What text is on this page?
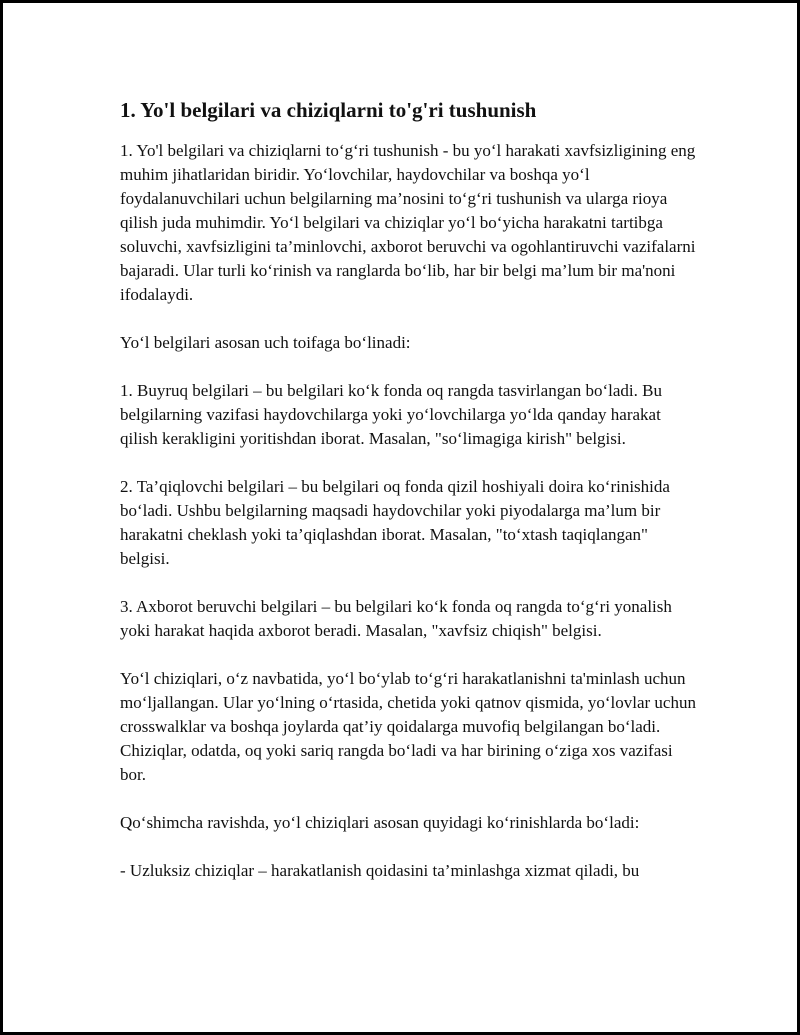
1. Yo'l belgilari va chiziqlarni to'g'ri tushunish

1. Yo'l belgilari va chiziqlarni to‘g‘ri tushunish - bu yo‘l harakati xavfsizligining eng muhim jihatlaridan biridir. Yo‘lovchilar, haydovchilar va boshqa yo‘l foydalanuvchilari uchun belgilarning ma’nosini to‘g‘ri tushunish va ularga rioya qilish juda muhimdir. Yo‘l belgilari va chiziqlar yo‘l bo‘yicha harakatni tartibga soluvchi, xavfsizligini ta’minlovchi, axborot beruvchi va ogohlantiruvchi vazifalarni bajaradi. Ular turli ko‘rinish va ranglarda bo‘lib, har bir belgi ma’lum bir ma'noni ifodalaydi.

Yo‘l belgilari asosan uch toifaga bo‘linadi:

1. Buyruq belgilari – bu belgilari ko‘k fonda oq rangda tasvirlangan bo‘ladi. Bu belgilarning vazifasi haydovchilarga yoki yo‘lovchilarga yo‘lda qanday harakat qilish kerakligini yoritishdan iborat. Masalan, "so‘limagiga kirish" belgisi.

2. Ta’qiqlovchi belgilari – bu belgilari oq fonda qizil hoshiyali doira ko‘rinishida bo‘ladi. Ushbu belgilarning maqsadi haydovchilar yoki piyodalarga ma’lum bir harakatni cheklash yoki ta’qiqlashdan iborat. Masalan, "to‘xtash taqiqlangan" belgisi.

3. Axborot beruvchi belgilari – bu belgilari ko‘k fonda oq rangda to‘g‘ri yonalish yoki harakat haqida axborot beradi. Masalan, "xavfsiz chiqish" belgisi.

Yo‘l chiziqlari, o‘z navbatida, yo‘l bo‘ylab to‘g‘ri harakatlanishni ta'minlash uchun mo‘ljallangan. Ular yo‘lning o‘rtasida, chetida yoki qatnov qismida, yo‘lovlar uchun crosswalklar va boshqa joylarda qat’iy qoidalarga muvofiq belgilangan bo‘ladi. Chiziqlar, odatda, oq yoki sariq rangda bo‘ladi va har birining o‘ziga xos vazifasi bor.

Qo‘shimcha ravishda, yo‘l chiziqlari asosan quyidagi ko‘rinishlarda bo‘ladi:

- Uzluksiz chiziqlar – harakatlanish qoidasini ta’minlashga xizmat qiladi, bu
